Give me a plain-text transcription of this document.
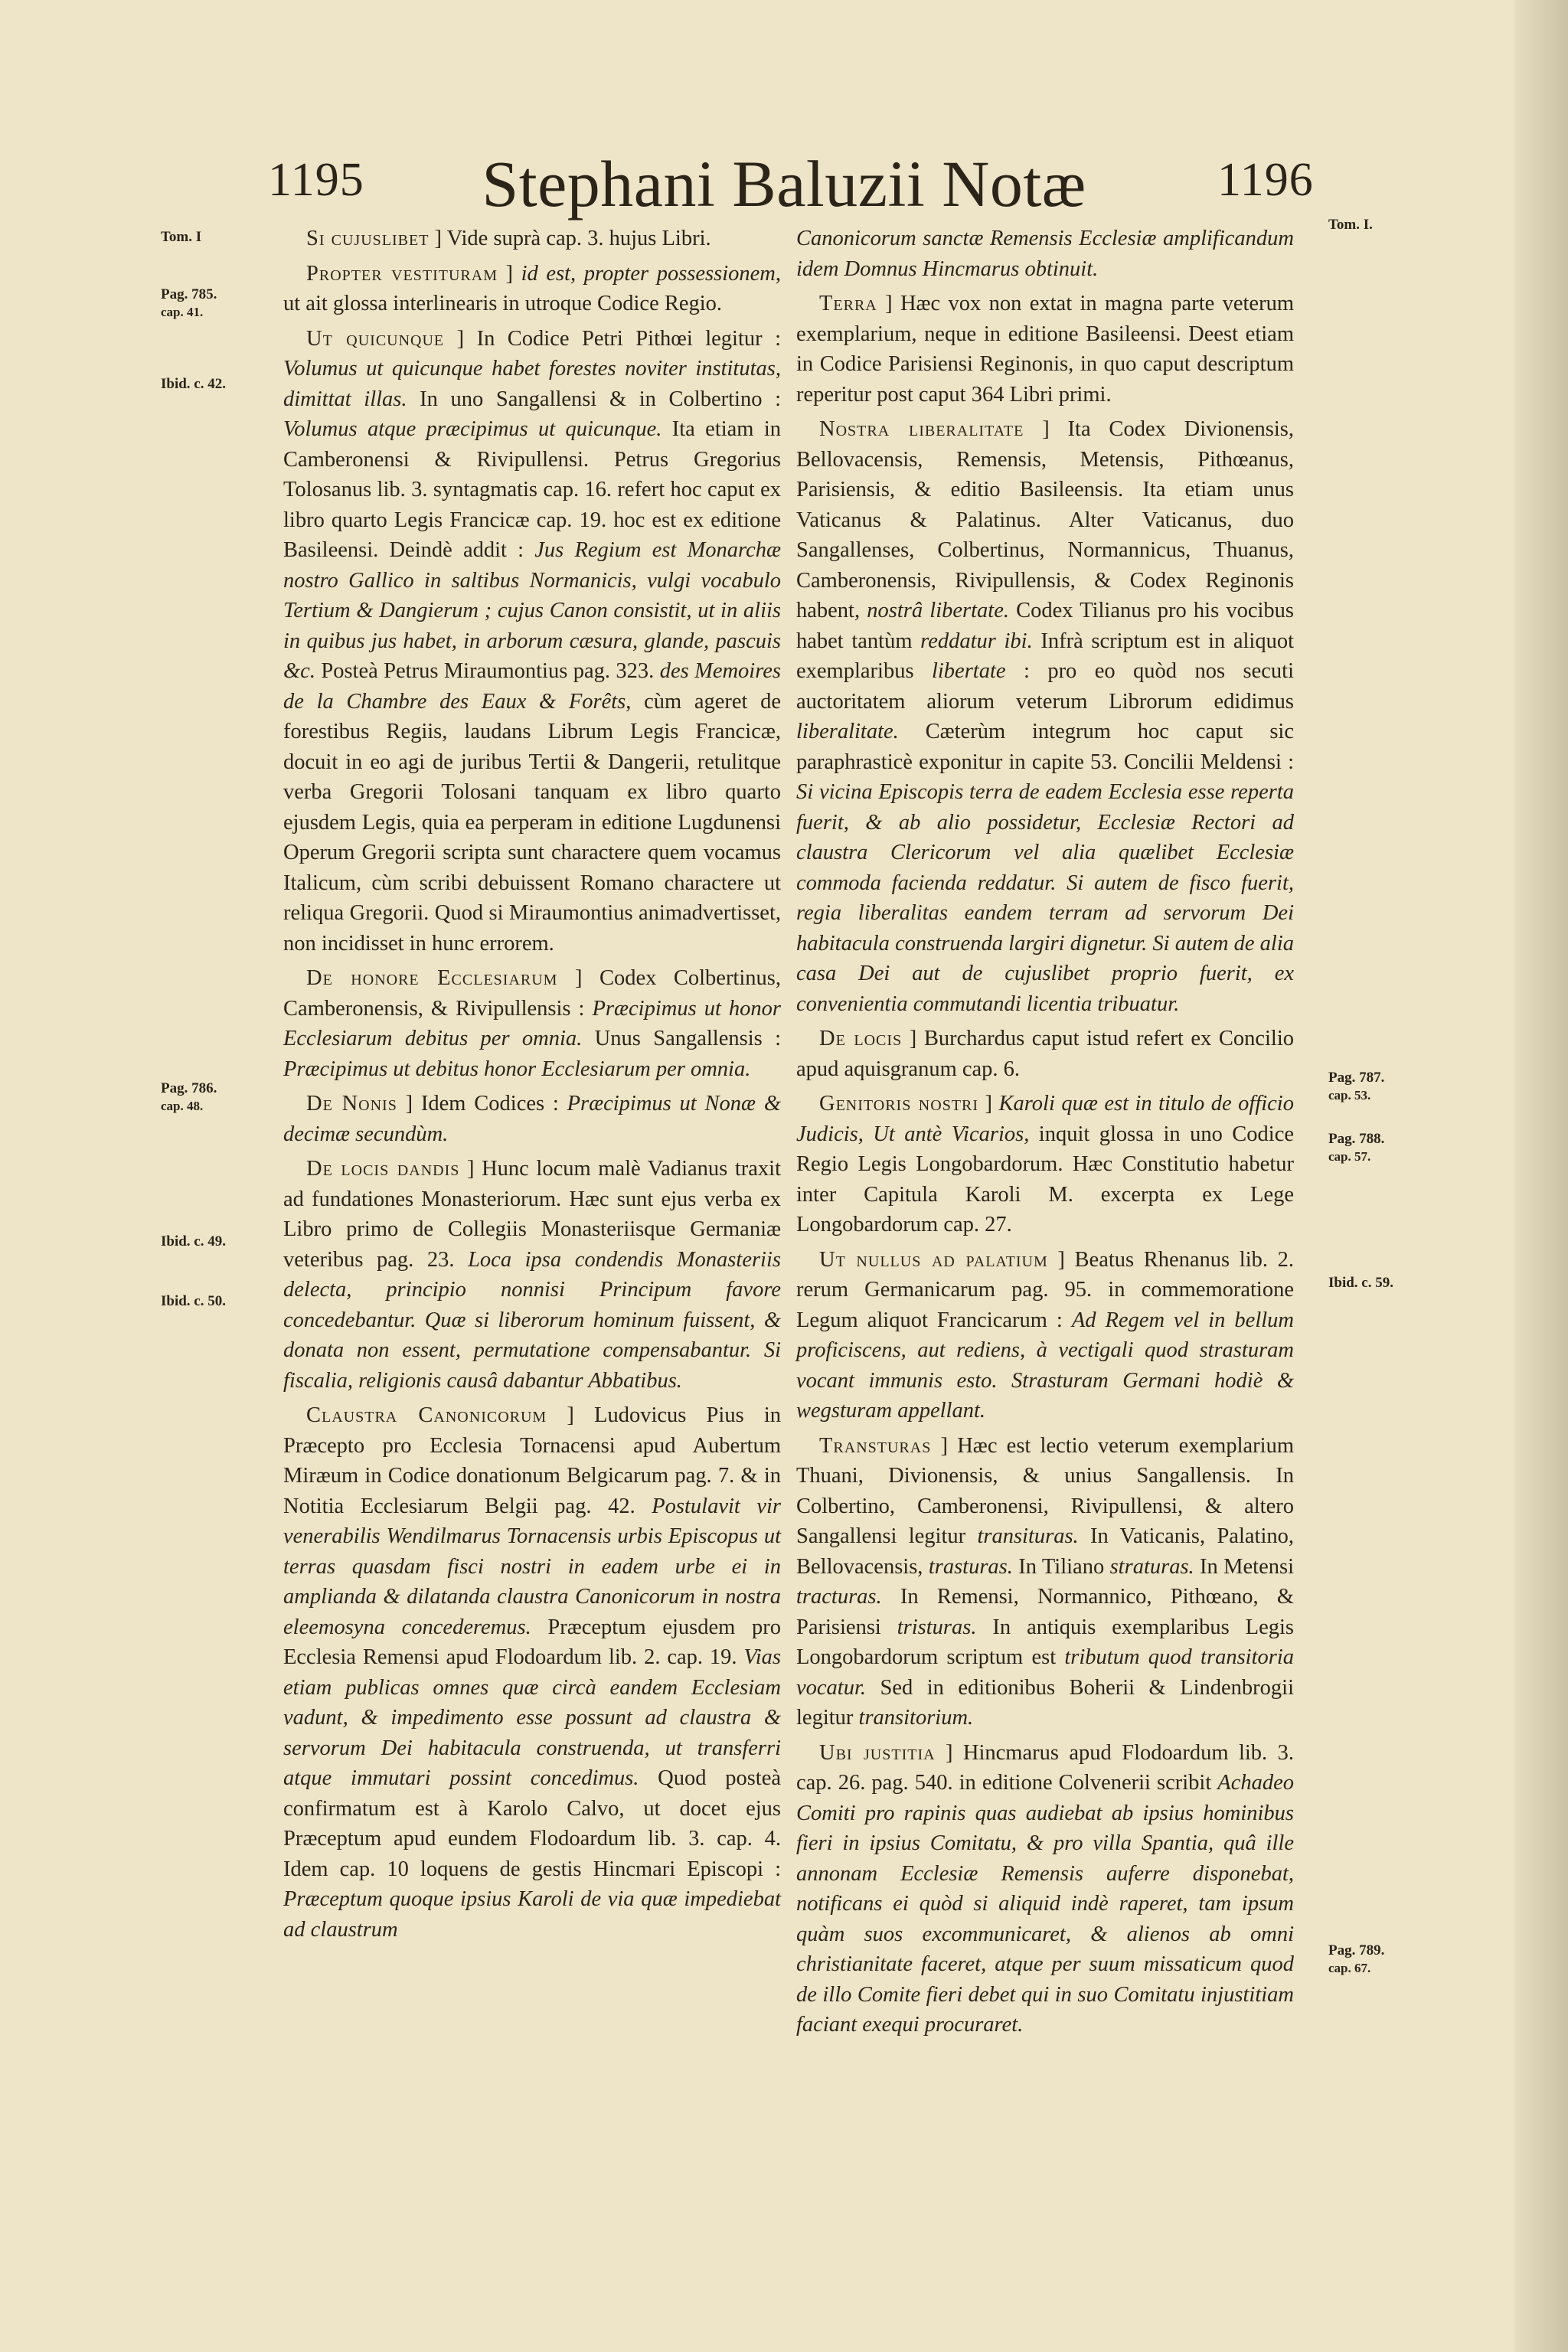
1195	Stephani Baluzii Notæ	1196
Tom. I
Pag. 785.
cap. 41.
Ibid. c. 42.
Pag. 786.
cap. 48.
Ibid. c. 49.
Ibid. c. 50.
Tom. I.
Pag. 787.
cap. 53.
Pag. 788.
cap. 57.
Ibid. c. 59.
Pag. 789.
cap. 67.

Si cujuslibet ] Vide suprà cap. 3. hujus Libri.

Propter vestituram ] id est, propter possessionem, ut ait glossa interlinearis in utroque Codice Regio.

Ut quicunque ] In Codice Petri Pithœi legitur : Volumus ut quicunque habet forestes noviter institutas, dimittat illas. In uno Sangallensi & in Colbertino : Volumus atque præcipimus ut quicunque. Ita etiam in Camberonensi & Rivipullensi. Petrus Gregorius Tolosanus lib. 3. syntagmatis cap. 16. refert hoc caput ex libro quarto Legis Francicæ cap. 19. hoc est ex editione Basileensi. Deindè addit : Jus Regium est Monarchæ nostro Gallico in saltibus Normanicis, vulgi vocabulo Tertium & Dangierum ; cujus Canon consistit, ut in aliis in quibus jus habet, in arborum cæsura, glande, pascuis &c. Posteà Petrus Miraumontius pag. 323. des Memoires de la Chambre des Eaux & Forêts, cùm ageret de forestibus Regiis, laudans Librum Legis Francicæ, docuit in eo agi de juribus Tertii & Dangerii, retulitque verba Gregorii Tolosani tanquam ex libro quarto ejusdem Legis, quia ea perperam in editione Lugdunensi Operum Gregorii scripta sunt charactere quem vocamus Italicum, cùm scribi debuissent Romano charactere ut reliqua Gregorii. Quod si Miraumontius animadvertisset, non incidisset in hunc errorem.

De honore Ecclesiarum ] Codex Colbertinus, Camberonensis, & Rivipullensis : Præcipimus ut honor Ecclesiarum debitus per omnia. Unus Sangallensis : Præcipimus ut debitus honor Ecclesiarum per omnia.

De Nonis ] Idem Codices : Præcipimus ut Nonæ & decimæ secundùm.

De locis dandis ] Hunc locum malè Vadianus traxit ad fundationes Monasteriorum. Hæc sunt ejus verba ex Libro primo de Collegiis Monasteriisque Germaniæ veteribus pag. 23. Loca ipsa condendis Monasteriis delecta, principio nonnisi Principum favore concedebantur. Quæ si liberorum hominum fuissent, & donata non essent, permutatione compensabantur. Si fiscalia, religionis causâ dabantur Abbatibus.

Claustra Canonicorum ] Ludovicus Pius in Præcepto pro Ecclesia Tornacensi apud Aubertum Miræum in Codice donationum Belgicarum pag. 7. & in Notitia Ecclesiarum Belgii pag. 42. Postulavit vir venerabilis Wendilmarus Tornacensis urbis Episcopus ut terras quasdam fisci nostri in eadem urbe ei in amplianda & dilatanda claustra Canonicorum in nostra eleemosyna concederemus. Præceptum ejusdem pro Ecclesia Remensi apud Flodoardum lib. 2. cap. 19. Vias etiam publicas omnes quæ circà eandem Ecclesiam vadunt, & impedimento esse possunt ad claustra & servorum Dei habitacula construenda, ut transferri atque immutari possint concedimus. Quod posteà confirmatum est à Karolo Calvo, ut docet ejus Præceptum apud eundem Flodoardum lib. 3. cap. 4. Idem cap. 10 loquens de gestis Hincmari Episcopi : Præceptum quoque ipsius Karoli de via quæ impediebat ad claustrum

Canonicorum sanctæ Remensis Ecclesiæ amplificandum idem Domnus Hincmarus obtinuit.

Terra ] Hæc vox non extat in magna parte veterum exemplarium, neque in editione Basileensi. Deest etiam in Codice Parisiensi Reginonis, in quo caput descriptum reperitur post caput 364 Libri primi.

Nostra liberalitate ] Ita Codex Divionensis, Bellovacensis, Remensis, Metensis, Pithœanus, Parisiensis, & editio Basileensis. Ita etiam unus Vaticanus & Palatinus. Alter Vaticanus, duo Sangallenses, Colbertinus, Normannicus, Thuanus, Camberonensis, Rivipullensis, & Codex Reginonis habent, nostrâ libertate. Codex Tilianus pro his vocibus habet tantùm reddatur ibi. Infrà scriptum est in aliquot exemplaribus libertate : pro eo quòd nos secuti auctoritatem aliorum veterum Librorum edidimus liberalitate. Cæterùm integrum hoc caput sic paraphrasticè exponitur in capite 53. Concilii Meldensi : Si vicina Episcopis terra de eadem Ecclesia esse reperta fuerit, & ab alio possidetur, Ecclesiæ Rectori ad claustra Clericorum vel alia quælibet Ecclesiæ commoda facienda reddatur. Si autem de fisco fuerit, regia liberalitas eandem terram ad servorum Dei habitacula construenda largiri dignetur. Si autem de alia casa Dei aut de cujuslibet proprio fuerit, ex convenientia commutandi licentia tribuatur.

De locis ] Burchardus caput istud refert ex Concilio apud aquisgranum cap. 6.

Genitoris nostri ] Karoli quæ est in titulo de officio Judicis, Ut antè Vicarios, inquit glossa in uno Codice Regio Legis Longobardorum. Hæc Constitutio habetur inter Capitula Karoli M. excerpta ex Lege Longobardorum cap. 27.

Ut nullus ad palatium ] Beatus Rhenanus lib. 2. rerum Germanicarum pag. 95. in commemoratione Legum aliquot Francicarum : Ad Regem vel in bellum proficiscens, aut rediens, à vectigali quod strasturam vocant immunis esto. Strasturam Germani hodiè & wegsturam appellant.

Transturas ] Hæc est lectio veterum exemplarium Thuani, Divionensis, & unius Sangallensis. In Colbertino, Camberonensi, Rivipullensi, & altero Sangallensi legitur transituras. In Vaticanis, Palatino, Bellovacensis, trasturas. In Tiliano straturas. In Metensi tracturas. In Remensi, Normannico, Pithœano, & Parisiensi tristuras. In antiquis exemplaribus Legis Longobardorum scriptum est tributum quod transitoria vocatur. Sed in editionibus Boherii & Lindenbrogii legitur transitorium.

Ubi justitia ] Hincmarus apud Flodoardum lib. 3. cap. 26. pag. 540. in editione Colvenerii scribit Achadeo Comiti pro rapinis quas audiebat ab ipsius hominibus fieri in ipsius Comitatu, & pro villa Spantia, quâ ille annonam Ecclesiæ Remensis auferre disponebat, notificans ei quòd si aliquid indè raperet, tam ipsum quàm suos excommunicaret, & alienos ab omni christianitate faceret, atque per suum missaticum quod de illo Comite fieri debet qui in suo Comitatu injustitiam faciant exequi procuraret.
